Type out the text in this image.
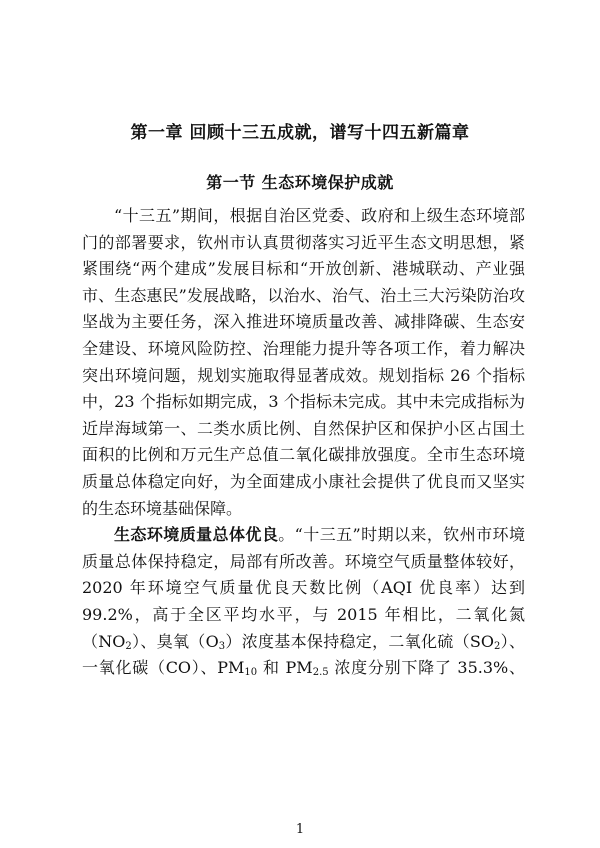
第一章 回顾十三五成就，谱写十四五新篇章
第一节 生态环境保护成就
“十三五”期间，根据自治区党委、政府和上级生态环境部
门的部署要求，钦州市认真贯彻落实习近平生态文明思想，紧
紧围绕“两个建成”发展目标和“开放创新、港城联动、产业强
市、生态惠民”发展战略，以治水、治气、治土三大污染防治攻
坚战为主要任务，深入推进环境质量改善、减排降碳、生态安
全建设、环境风险防控、治理能力提升等各项工作，着力解决
突出环境问题，规划实施取得显著成效。规划指标 26 个指标
中，23 个指标如期完成，3 个指标未完成。其中未完成指标为
近岸海域第一、二类水质比例、自然保护区和保护小区占国土
面积的比例和万元生产总值二氧化碳排放强度。全市生态环境
质量总体稳定向好，为全面建成小康社会提供了优良而又坚实
的生态环境基础保障。
生态环境质量总体优良。“十三五”时期以来，钦州市环境
质量总体保持稳定，局部有所改善。环境空气质量整体较好，
2020 年环境空气质量优良天数比例（AQI 优良率）达到
99.2%，高于全区平均水平，与 2015 年相比，二氧化氮
$(NO_2)$、臭氧$(O_3)$浓度基本保持稳定，二氧化硫$(SO_2)$、
一氧化碳（CO）、$PM_{10}$ 和 $PM_{2.5}$ 浓度分别下降了 35.3%、
1
